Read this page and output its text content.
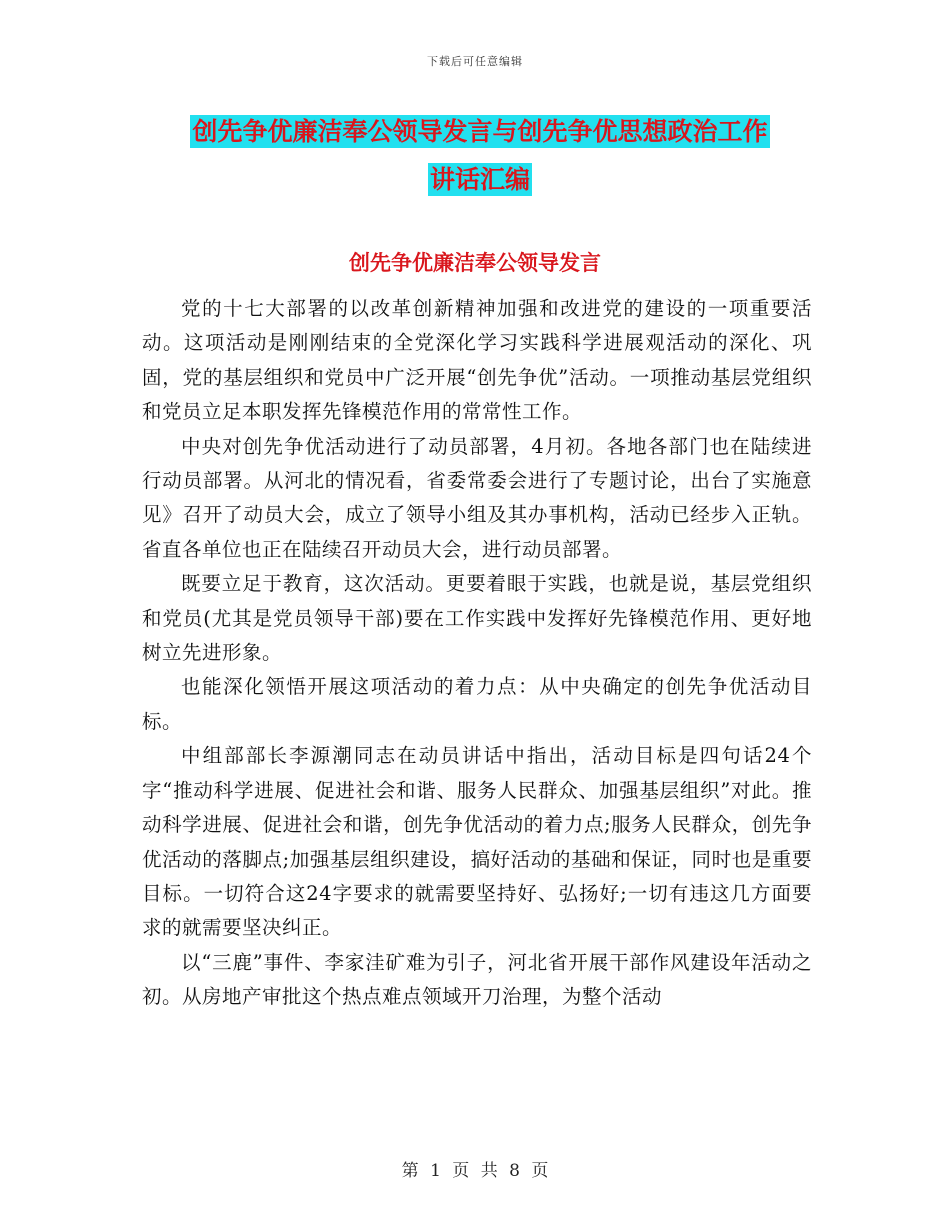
下载后可任意编辑
创先争优廉洁奉公领导发言与创先争优思想政治工作
讲话汇编
创先争优廉洁奉公领导发言

党的十七大部署的以改革创新精神加强和改进党的建设的一项重要活动。这项活动是刚刚结束的全党深化学习实践科学进展观活动的深化、巩固，党的基层组织和党员中广泛开展“创先争优”活动。一项推动基层党组织和党员立足本职发挥先锋模范作用的常常性工作。

中央对创先争优活动进行了动员部署，4月初。各地各部门也在陆续进行动员部署。从河北的情况看，省委常委会进行了专题讨论，出台了实施意见》召开了动员大会，成立了领导小组及其办事机构，活动已经步入正轨。省直各单位也正在陆续召开动员大会，进行动员部署。

既要立足于教育，这次活动。更要着眼于实践，也就是说，基层党组织和党员(尤其是党员领导干部)要在工作实践中发挥好先锋模范作用、更好地树立先进形象。

也能深化领悟开展这项活动的着力点：从中央确定的创先争优活动目标。

中组部部长李源潮同志在动员讲话中指出，活动目标是四句话24个字“推动科学进展、促进社会和谐、服务人民群众、加强基层组织”对此。推动科学进展、促进社会和谐，创先争优活动的着力点;服务人民群众，创先争优活动的落脚点;加强基层组织建设，搞好活动的基础和保证，同时也是重要目标。一切符合这24字要求的就需要坚持好、弘扬好;一切有违这几方面要求的就需要坚决纠正。

以“三鹿”事件、李家洼矿难为引子，河北省开展干部作风建设年活动之初。从房地产审批这个热点难点领域开刀治理，为整个活动

第 1 页 共 8 页
